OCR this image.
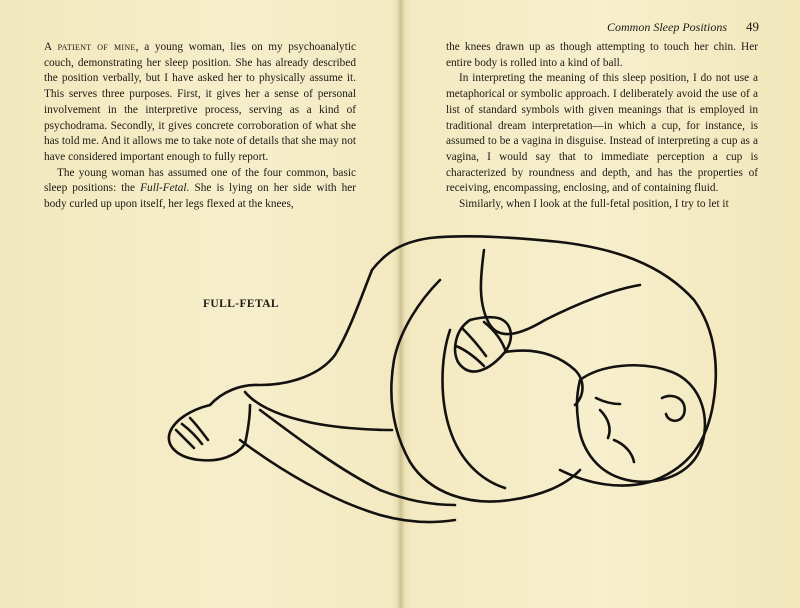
A patient of mine, a young woman, lies on my psychoanalytic couch, demonstrating her sleep position. She has already described the position verbally, but I have asked her to physically assume it. This serves three purposes. First, it gives her a sense of personal involvement in the interpretive process, serving as a kind of psychodrama. Secondly, it gives concrete corroboration of what she has told me. And it allows me to take note of details that she may not have considered important enough to fully report.

The young woman has assumed one of the four common, basic sleep positions: the Full-Fetal. She is lying on her side with her body curled up upon itself, her legs flexed at the knees,

FULL-FETAL
Common Sleep Positions 49

the knees drawn up as though attempting to touch her chin. Her entire body is rolled into a kind of ball.

In interpreting the meaning of this sleep position, I do not use a metaphorical or symbolic approach. I deliberately avoid the use of a list of standard symbols with given meanings that is employed in traditional dream interpretation—in which a cup, for instance, is assumed to be a vagina in disguise. Instead of interpreting a cup as a vagina, I would say that to immediate perception a cup is characterized by roundness and depth, and has the properties of receiving, encompassing, enclosing, and of containing fluid.

Similarly, when I look at the full-fetal position, I try to let it
